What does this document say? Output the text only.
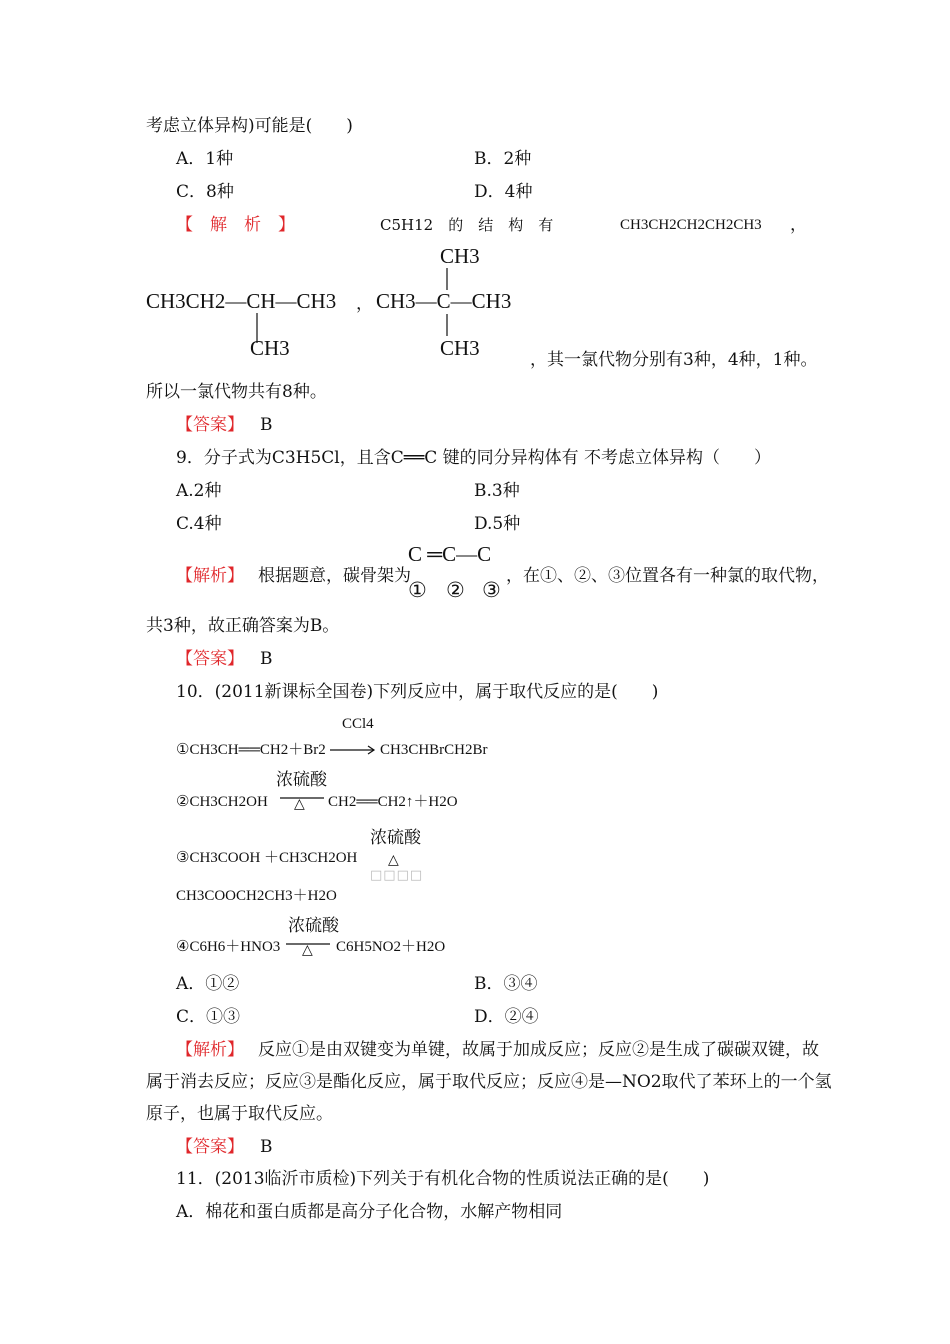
考虑立体异构)可能是(　　)
A．1种	B．2种
C．8种	D．4种
【　解　析　】	C5H12　的　结　构　有	CH3CH2CH2CH2CH3 ，
CH3CH2—CH—CH3
CH3
，
CH3
CH3—C—CH3
CH3	，其一氯代物分别有3种，4种，1种。
所以一氯代物共有8种。
【答案】 B
9．分子式为C3H5Cl，且含C══C 键的同分异构体有 不考虑立体异构（　　）
A.2种	B.3种
C.4种	D.5种
【解析】 根据题意，碳骨架为
C ═C—C
① ② ③
，在①、②、③位置各有一种氯的取代物，
共3种，故正确答案为B。
【答案】 B
10．(2011新课标全国卷)下列反应中，属于取代反应的是(　　)
CCl4
①CH3CH══CH2＋Br2	CH3CHBrCH2Br
浓硫酸
②CH3CH2OH △ CH2══CH2↑＋H2O
③CH3COOH ＋CH3CH2OH
浓硫酸
△
□□□□
CH3COOCH2CH3＋H2O
浓硫酸
④C6H6＋HNO3 △ C6H5NO2＋H2O
A．①②	B．③④
C．①③	D．②④
【解析】 反应①是由双键变为单键，故属于加成反应；反应②是生成了碳碳双键，故
属于消去反应；反应③是酯化反应，属于取代反应；反应④是—NO2取代了苯环上的一个氢
原子，也属于取代反应。
【答案】 B
11．(2013临沂市质检)下列关于有机化合物的性质说法正确的是(　　)
A．棉花和蛋白质都是高分子化合物，水解产物相同
